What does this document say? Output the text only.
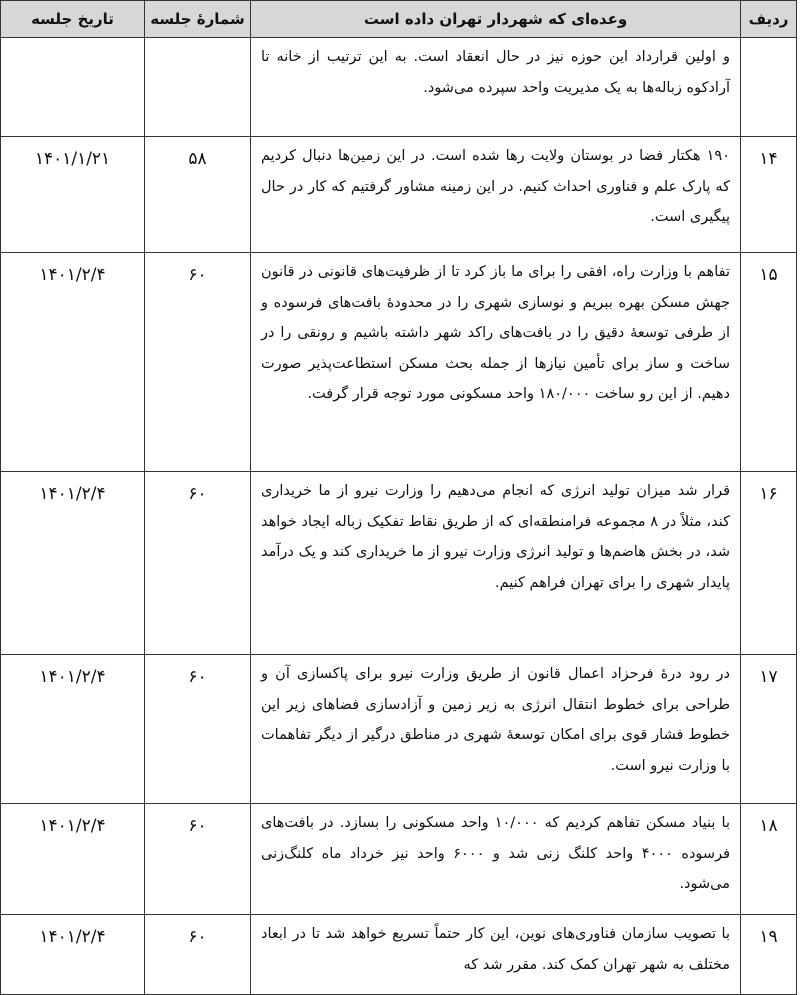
ردیف	وعده‌ای که شهردار تهران داده است	شمارۀ جلسه	تاریخ جلسه
	و اولین قرارداد این حوزه نیز در حال انعقاد است. به این ترتیب از خانه تا آرادکوه زباله‌ها به یک مدیریت واحد سپرده می‌شود.		
۱۴	۱۹۰ هکتار فضا در بوستان ولایت رها شده است. در این زمین‌ها دنبال کردیم که پارک علم و فناوری احداث کنیم. در این زمینه مشاور گرفتیم که کار در حال پیگیری است.	۵۸	۱۴۰۱/۱/۲۱
۱۵	تفاهم با وزارت راه، افقی را برای ما باز کرد تا از ظرفیت‌های قانونی در قانون جهش مسکن بهره ببریم و نوسازی شهری را در محدودۀ بافت‌های فرسوده و از طرفی توسعۀ دقیق را در بافت‌های راکد شهر داشته باشیم و رونقی را در ساخت و ساز برای تأمین نیازها از جمله بحث مسکن استطاعت‌پذیر صورت دهیم. از این رو ساخت ۱۸۰/۰۰۰ واحد مسکونی مورد توجه قرار گرفت.	۶۰	۱۴۰۱/۲/۴
۱۶	قرار شد میزان تولید انرژی که انجام می‌دهیم را وزارت نیرو از ما خریداری کند، مثلاً در ۸ مجموعه فرامنطقه‌ای که از طریق نقاط تفکیک زباله ایجاد خواهد شد، در بخش هاضم‌ها و تولید انرژی وزارت نیرو از ما خریداری کند و یک درآمد پایدار شهری را برای تهران فراهم کنیم.	۶۰	۱۴۰۱/۲/۴
۱۷	در رود درۀ فرحزاد اعمال قانون از طریق وزارت نیرو برای پاکسازی آن و طراحی برای خطوط انتقال انرژی به زیر زمین و آزادسازی فضاهای زیر این خطوط فشار قوی برای امکان توسعۀ شهری در مناطق درگیر از دیگر تفاهمات با وزارت نیرو است.	۶۰	۱۴۰۱/۲/۴
۱۸	با بنیاد مسکن تفاهم کردیم که ۱۰/۰۰۰ واحد مسکونی را بسازد. در بافت‌های فرسوده ۴۰۰۰ واحد کلنگ زنی شد و ۶۰۰۰ واحد نیز خرداد ماه کلنگ‌زنی می‌شود.	۶۰	۱۴۰۱/۲/۴
۱۹	با تصویب سازمان فناوری‌های نوین، این کار حتماً تسریع خواهد شد تا در ابعاد مختلف به شهر تهران کمک کند. مقرر شد که	۶۰	۱۴۰۱/۲/۴
